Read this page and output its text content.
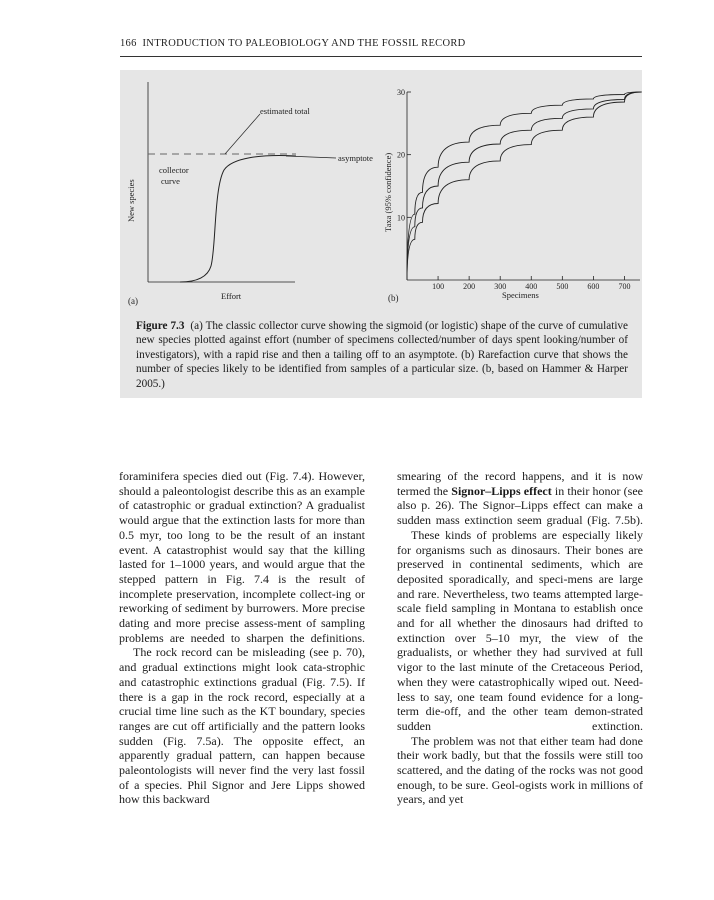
166 INTRODUCTION TO PALEOBIOLOGY AND THE FOSSIL RECORD
estimated total
asymptote
collector
curve
New species
Effort
(a)
10
20
30
100 200 300 400 500 600 700
Taxa (95% confidence)
Specimens
(b)
Figure 7.3 (a) The classic collector curve showing the sigmoid (or logistic) shape of the curve of cumulative new species plotted against effort (number of specimens collected/number of days spent looking/number of investigators), with a rapid rise and then a tailing off to an asymptote. (b) Rarefaction curve that shows the number of species likely to be identified from samples of a particular size. (b, based on Hammer & Harper 2005.)

foraminifera species died out (Fig. 7.4). However, should a paleontologist describe this as an example of catastrophic or gradual extinction? A gradualist would argue that the extinction lasts for more than 0.5 myr, too long to be the result of an instant event. A catastrophist would say that the killing lasted for 1–1000 years, and would argue that the stepped pattern in Fig. 7.4 is the result of incomplete preservation, incomplete collect-ing or reworking of sediment by burrowers. More precise dating and more precise assess-ment of sampling problems are needed to sharpen the definitions.

The rock record can be misleading (see p. 70), and gradual extinctions might look cata-strophic and catastrophic extinctions gradual (Fig. 7.5). If there is a gap in the rock record, especially at a crucial time line such as the KT boundary, species ranges are cut off artificially and the pattern looks sudden (Fig. 7.5a). The opposite effect, an apparently gradual pattern, can happen because paleontologists will never find the very last fossil of a species. Phil Signor and Jere Lipps showed how this backward

smearing of the record happens, and it is now termed the Signor–Lipps effect in their honor (see also p. 26). The Signor–Lipps effect can make a sudden mass extinction seem gradual (Fig. 7.5b).

These kinds of problems are especially likely for organisms such as dinosaurs. Their bones are preserved in continental sediments, which are deposited sporadically, and speci-mens are large and rare. Nevertheless, two teams attempted large-scale field sampling in Montana to establish once and for all whether the dinosaurs had drifted to extinction over 5–10 myr, the view of the gradualists, or whether they had survived at full vigor to the last minute of the Cretaceous Period, when they were catastrophically wiped out. Need-less to say, one team found evidence for a long-term die-off, and the other team demon-strated sudden extinction.

The problem was not that either team had done their work badly, but that the fossils were still too scattered, and the dating of the rocks was not good enough, to be sure. Geol-ogists work in millions of years, and yet
